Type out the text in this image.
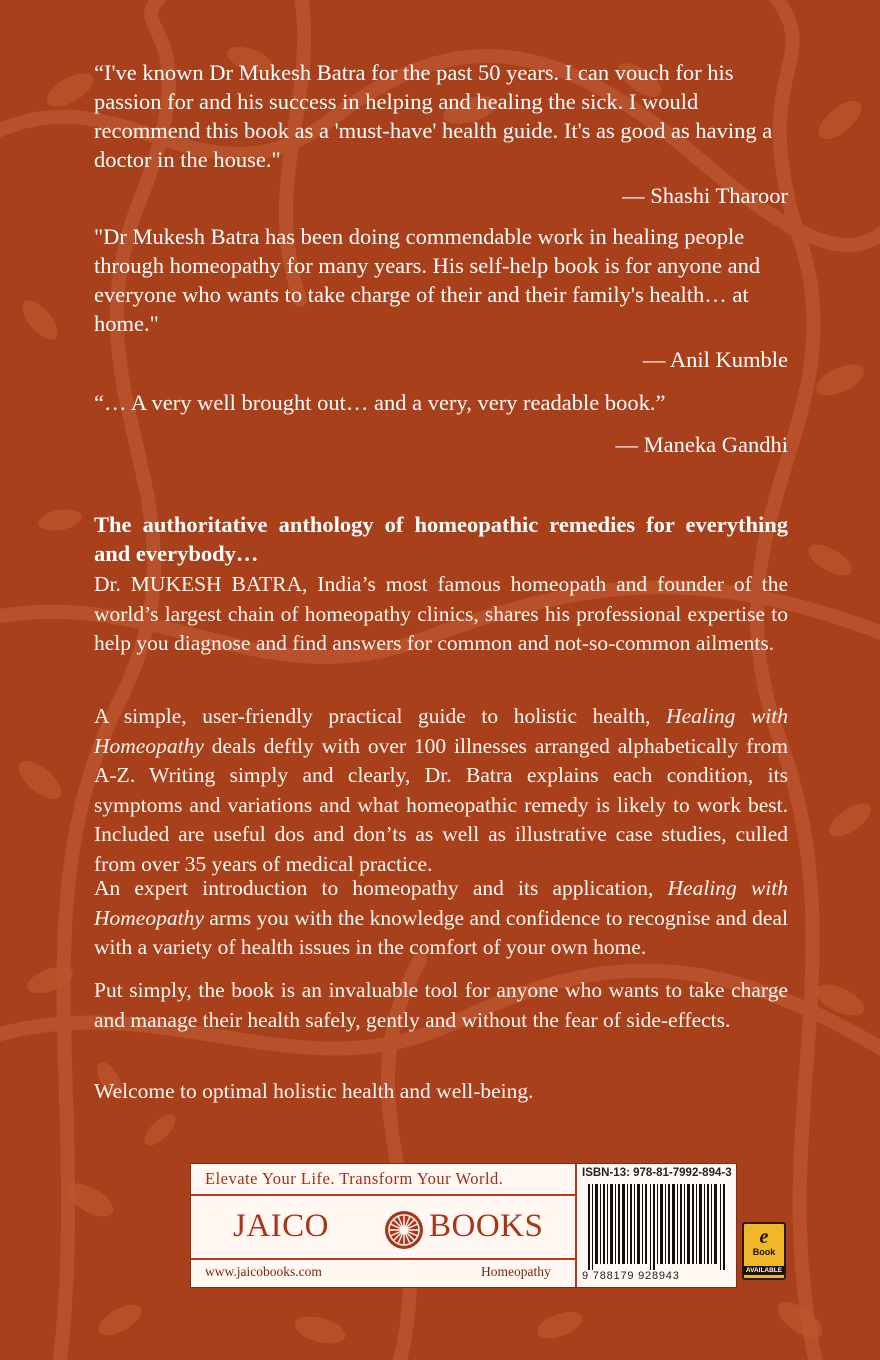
“I've known Dr Mukesh Batra for the past 50 years. I can vouch for his passion for and his success in helping and healing the sick. I would recommend this book as a 'must-have' health guide. It's as good as having a doctor in the house."

— Shashi Tharoor

"Dr Mukesh Batra has been doing commendable work in healing people through homeopathy for many years. His self-help book is for anyone and everyone who wants to take charge of their and their family's health… at home."

— Anil Kumble

“… A very well brought out… and a very, very readable book.”

— Maneka Gandhi

The authoritative anthology of homeopathic remedies for everything and everybody…

Dr. MUKESH BATRA, India’s most famous homeopath and founder of the world’s largest chain of homeopathy clinics, shares his professional expertise to help you diagnose and find answers for common and not-so-common ailments.

A simple, user-friendly practical guide to holistic health, Healing with Homeopathy deals deftly with over 100 illnesses arranged alphabetically from A-Z. Writing simply and clearly, Dr. Batra explains each condition, its symptoms and variations and what homeopathic remedy is likely to work best. Included are useful dos and don’ts as well as illustrative case studies, culled from over 35 years of medical practice.

An expert introduction to homeopathy and its application, Healing with Homeopathy arms you with the knowledge and confidence to recognise and deal with a variety of health issues in the comfort of your own home.

Put simply, the book is an invaluable tool for anyone who wants to take charge and manage their health safely, gently and without the fear of side-effects.

Welcome to optimal holistic health and well-being.

Elevate Your Life. Transform Your World.
JAICO	BOOKS
www.jaicobooks.com	Homeopathy
ISBN-13: 978-81-7992-894-3
9 788179 928943
e
Book
AVAILABLE
